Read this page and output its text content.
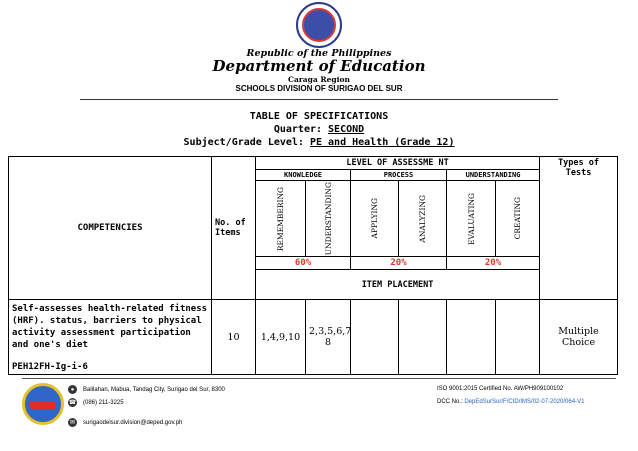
Republic of the Philippines
Department of Education
Caraga Region
SCHOOLS DIVISION OF SURIGAO DEL SUR
TABLE OF SPECIFICATIONS
Quarter: SECOND
Subject/Grade Level: PE and Health (Grade 12)
COMPETENCIES	No. of Items	LEVEL OF ASSESSME NT						Types of Tests
		KNOWLEDGE		PROCESS		UNDERSTANDING		

		REMEMBERING	UNDERSTANDING	APPLYING	ANALYZING	EVALUATING	CREATING	

		60%		20%		20%		
		ITEM PLACEMENT						
Self-assesses health-related fitness (HRF). status, barriers to physical activity assessment participation and one's diet
PEH12FH-Ig-i-6	10	1,4,9,10	2,3,5,6,7 8					Multiple Choice
●	Balilahan, Mabua, Tandag City, Surigao del Sur, 8300
☎ (086) 211-3225
✉	surigaodelsur.division@deped.gov.ph
ISO 9001:2015 Certified No. AW/PH909100102
DCC No.: DepEdSurSur/F/CID/IMS/02-07-2020/064-V1
